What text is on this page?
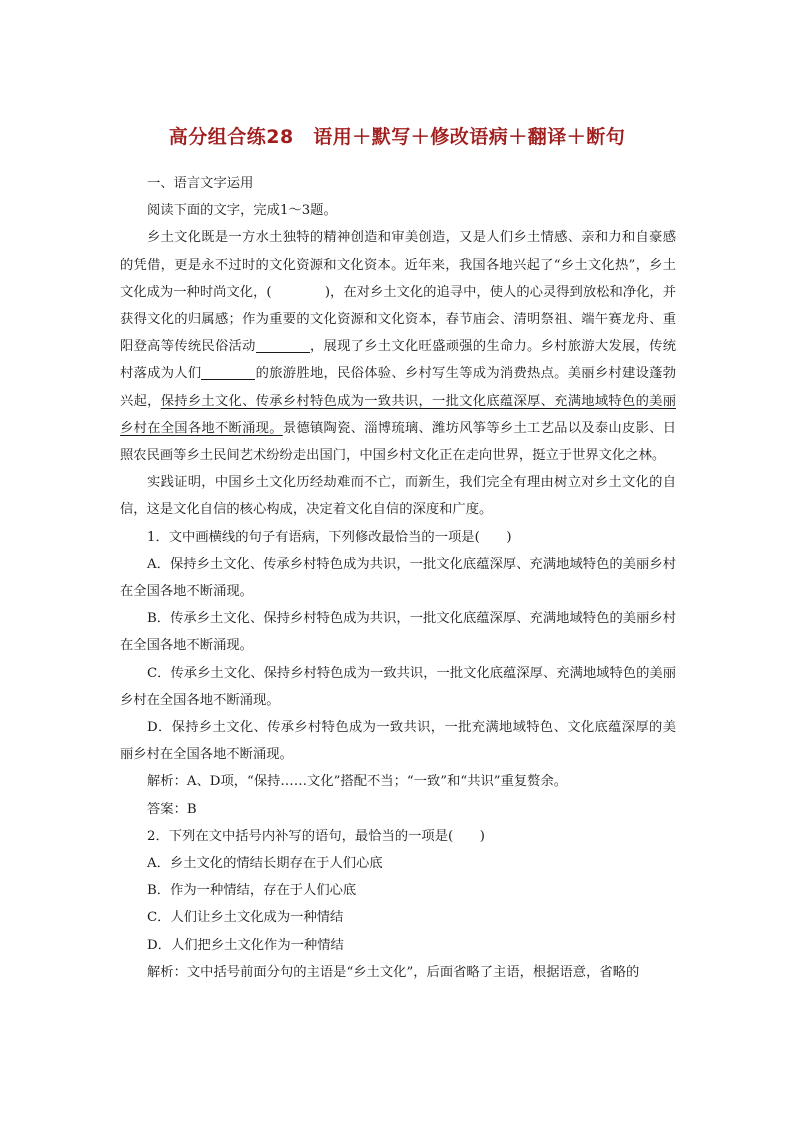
高分组合练28　语用＋默写＋修改语病＋翻译＋断句

一、语言文字运用

阅读下面的文字，完成1～3题。

乡土文化既是一方水土独特的精神创造和审美创造，又是人们乡土情感、亲和力和自豪感的凭借，更是永不过时的文化资源和文化资本。近年来，我国各地兴起了“乡土文化热”，乡土文化成为一种时尚文化，(　　　　)，在对乡土文化的追寻中，使人的心灵得到放松和净化，并获得文化的归属感；作为重要的文化资源和文化资本，春节庙会、清明祭祖、端午赛龙舟、重阳登高等传统民俗活动	，展现了乡土文化旺盛顽强的生命力。乡村旅游大发展，传统村落成为人们	的旅游胜地，民俗体验、乡村写生等成为消费热点。美丽乡村建设蓬勃兴起，保持乡土文化、传承乡村特色成为一致共识，一批文化底蕴深厚、充满地域特色的美丽乡村在全国各地不断涌现。景德镇陶瓷、淄博琉璃、潍坊风筝等乡土工艺品以及泰山皮影、日照农民画等乡土民间艺术纷纷走出国门，中国乡村文化正在走向世界，挺立于世界文化之林。

实践证明，中国乡土文化历经劫难而不亡，而新生，我们完全有理由树立对乡土文化的自信，这是文化自信的核心构成，决定着文化自信的深度和广度。

1．文中画横线的句子有语病，下列修改最恰当的一项是(　　)

A．保持乡土文化、传承乡村特色成为共识，一批文化底蕴深厚、充满地域特色的美丽乡村在全国各地不断涌现。

B．传承乡土文化、保持乡村特色成为共识，一批文化底蕴深厚、充满地域特色的美丽乡村在全国各地不断涌现。

C．传承乡土文化、保持乡村特色成为一致共识，一批文化底蕴深厚、充满地域特色的美丽乡村在全国各地不断涌现。

D．保持乡土文化、传承乡村特色成为一致共识，一批充满地域特色、文化底蕴深厚的美丽乡村在全国各地不断涌现。

解析：A、D项，“保持……文化”搭配不当；“一致”和“共识”重复赘余。

答案：B

2．下列在文中括号内补写的语句，最恰当的一项是(　　)

A．乡土文化的情结长期存在于人们心底

B．作为一种情结，存在于人们心底

C．人们让乡土文化成为一种情结

D．人们把乡土文化作为一种情结

解析：文中括号前面分句的主语是“乡土文化”，后面省略了主语，根据语意，省略的
